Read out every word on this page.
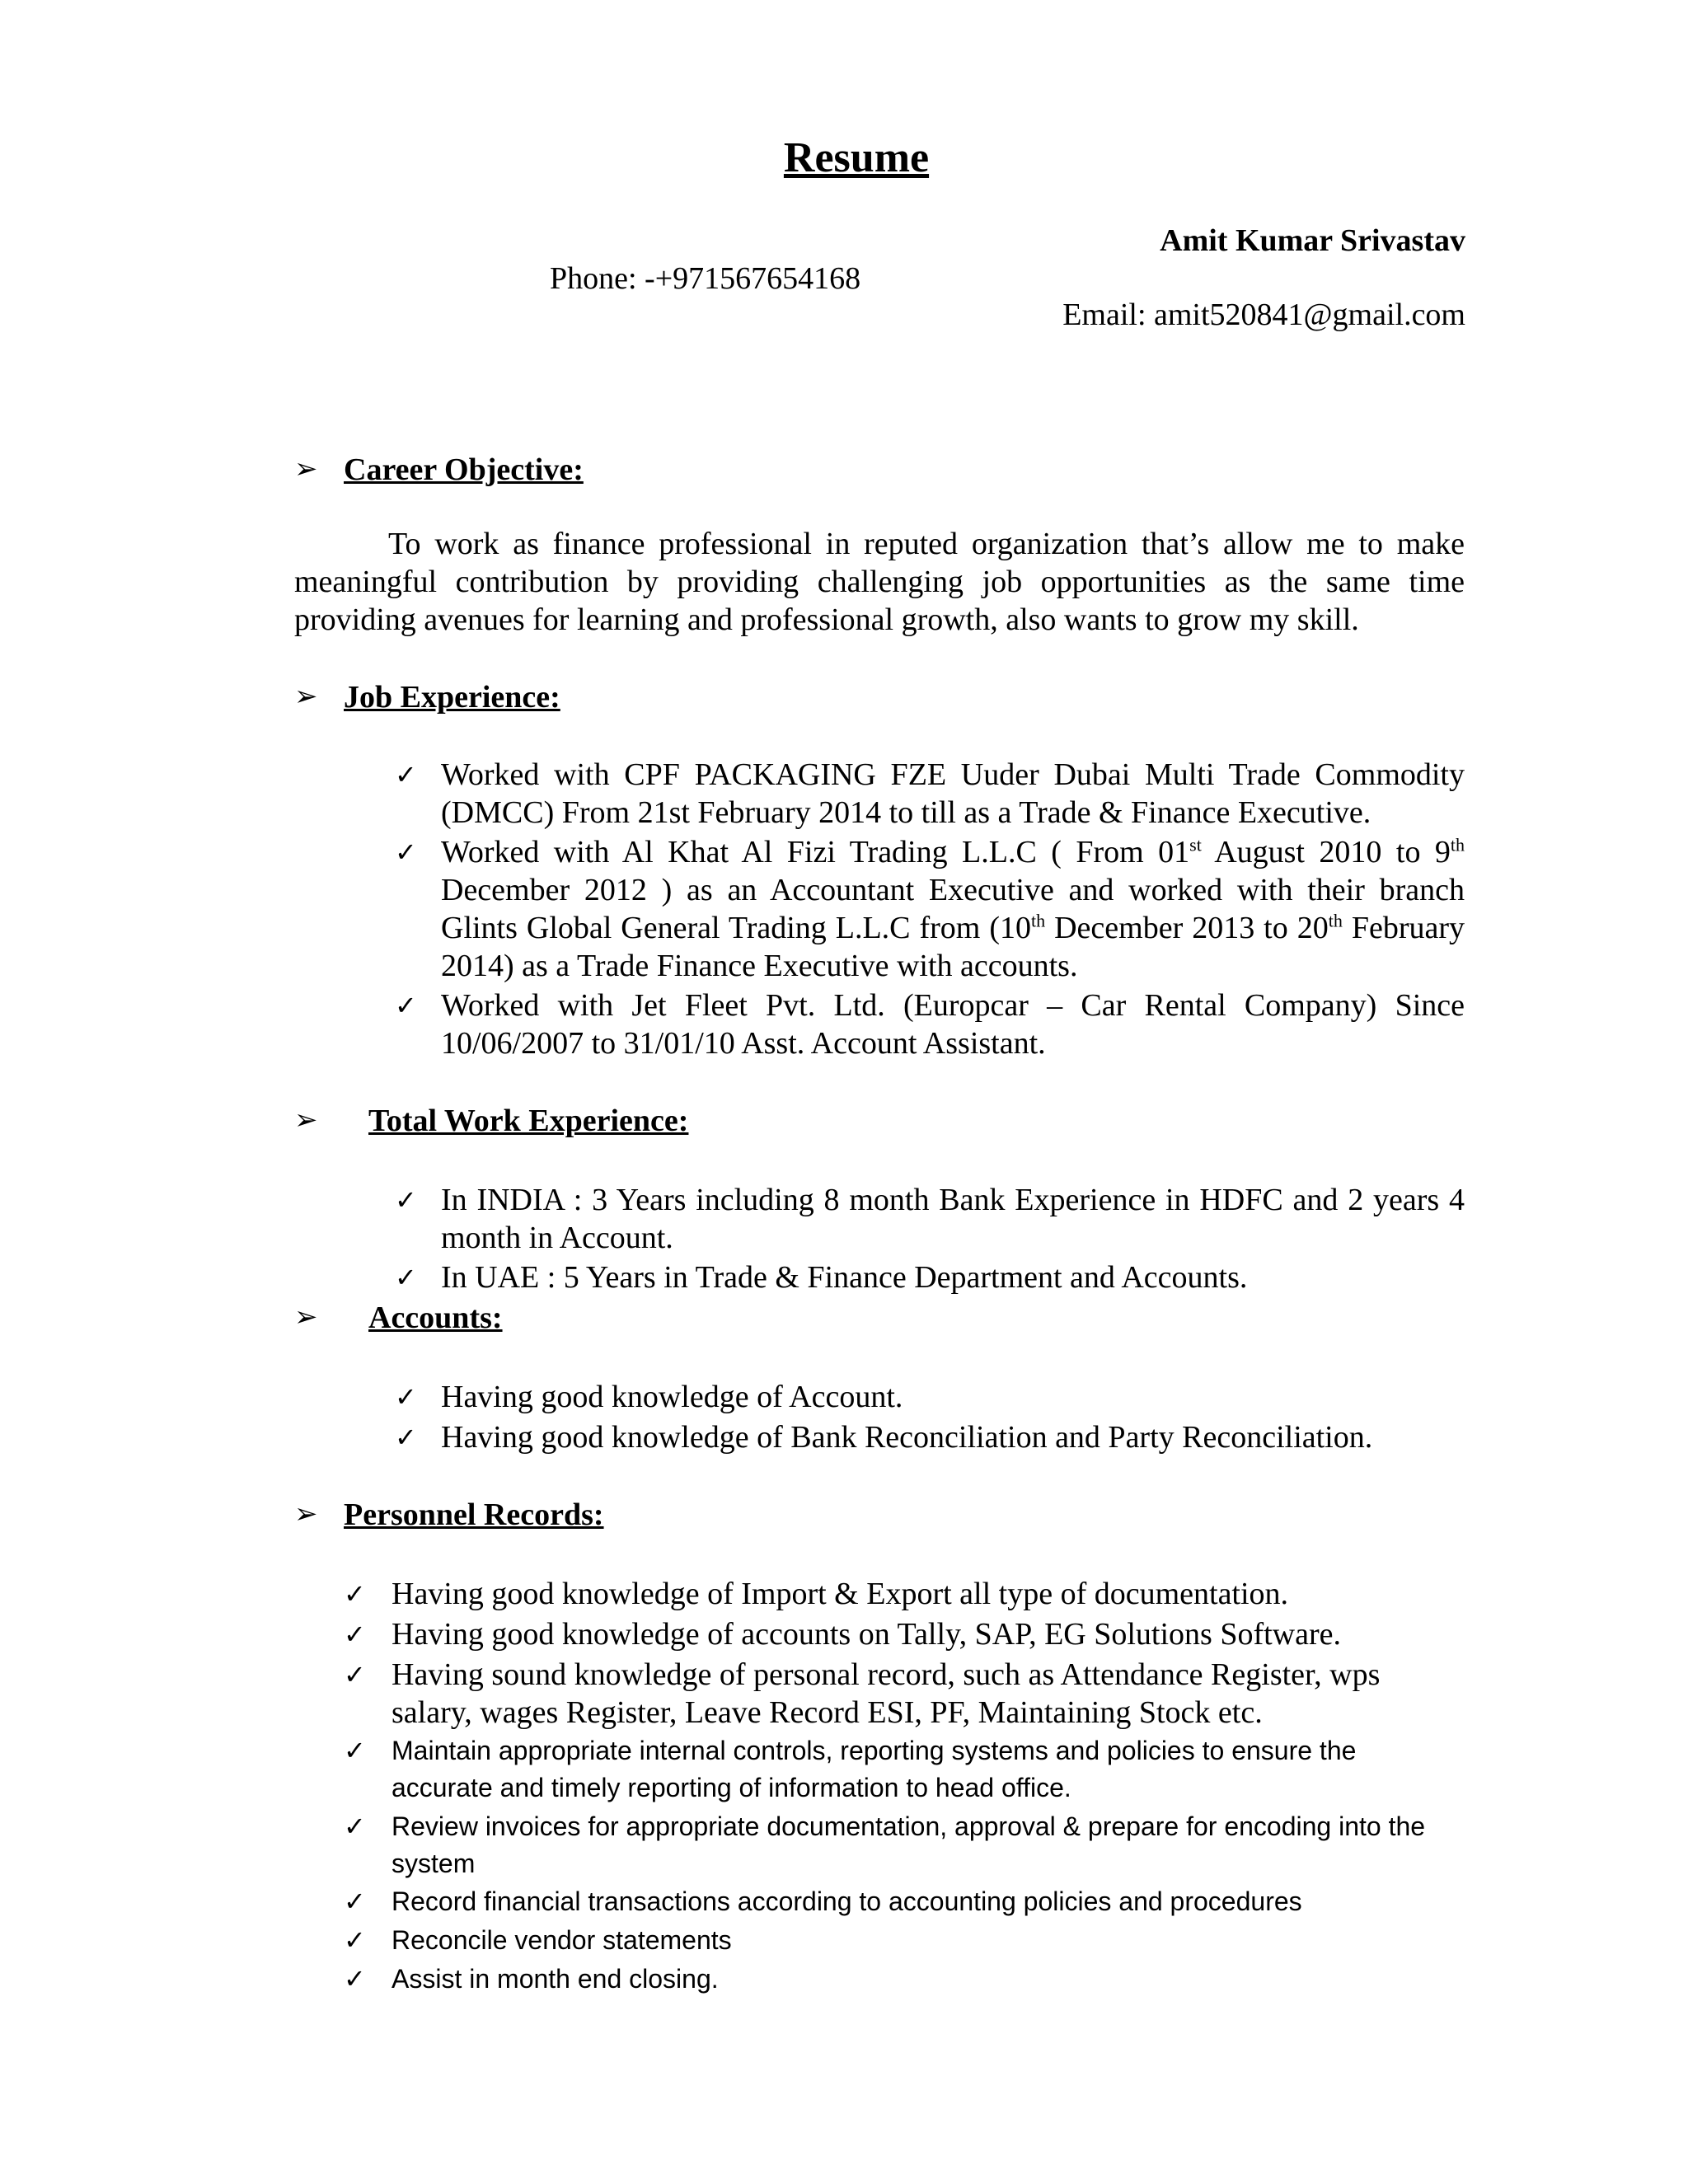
Resume
Amit Kumar Srivastav
Phone: -+971567654168
Email: amit520841@gmail.com
➢ Career Objective:

To work as finance professional in reputed organization that’s allow me to make meaningful contribution by providing challenging job opportunities as the same time providing avenues for learning and professional growth, also wants to grow my skill.

➢ Job Experience:
✓ Worked with CPF PACKAGING FZE Uuder Dubai Multi Trade Commodity (DMCC) From 21st February 2014 to till as a Trade & Finance Executive.
✓ Worked with Al Khat Al Fizi Trading L.L.C ( From 01st August 2010 to 9th December 2012 ) as an Accountant Executive and worked with their branch Glints Global General Trading L.L.C from (10th December 2013 to 20th February 2014) as a Trade Finance Executive with accounts.
✓ Worked with Jet Fleet Pvt. Ltd. (Europcar – Car Rental Company) Since 10/06/2007 to 31/01/10 Asst. Account Assistant.
➢ Total Work Experience:
✓ In INDIA : 3 Years including 8 month Bank Experience in HDFC and 2 years 4 month in Account.
✓ In UAE : 5 Years in Trade & Finance Department and Accounts.
➢ Accounts:
✓ Having good knowledge of Account.
✓ Having good knowledge of Bank Reconciliation and Party Reconciliation.
➢ Personnel Records:
✓ Having good knowledge of Import & Export all type of documentation.
✓ Having good knowledge of accounts on Tally, SAP, EG Solutions Software.
✓ Having sound knowledge of personal record, such as Attendance Register, wps salary, wages Register, Leave Record ESI, PF, Maintaining Stock etc.
✓ Maintain appropriate internal controls, reporting systems and policies to ensure the accurate and timely reporting of information to head office.
✓ Review invoices for appropriate documentation, approval & prepare for encoding into the system
✓ Record financial transactions according to accounting policies and procedures
✓ Reconcile vendor statements
✓ Assist in month end closing.
